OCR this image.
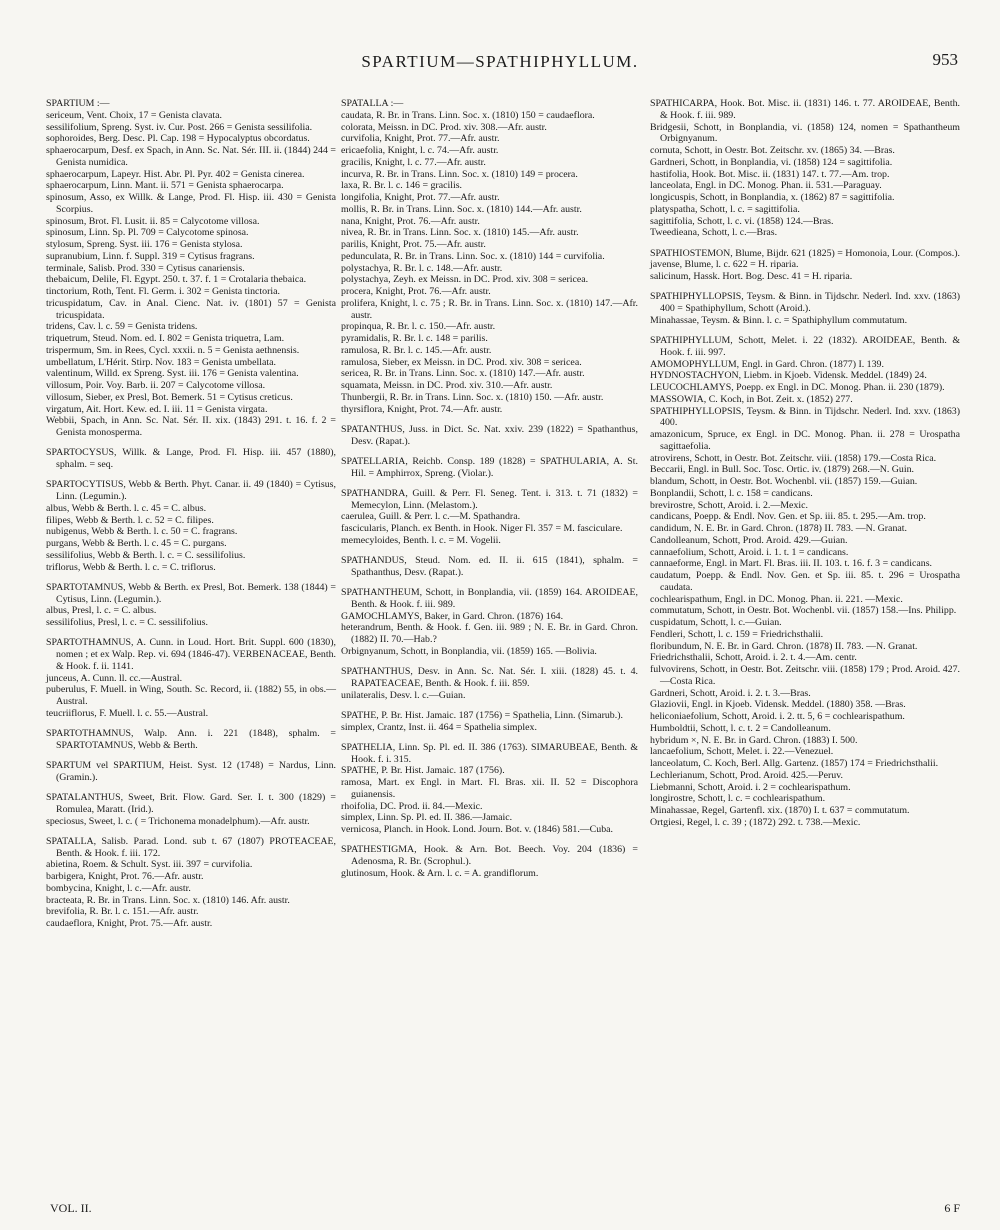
SPARTIUM—SPATHIPHYLLUM.	953

SPARTIUM :—

sericeum, Vent. Choix, 17 = Genista clavata.

sessilifolium, Spreng. Syst. iv. Cur. Post. 266 = Genista sessilifolia.

sophoroides, Berg. Desc. Pl. Cap. 198 = Hypocalyptus obcordatus.

sphaerocarpum, Desf. ex Spach, in Ann. Sc. Nat. Sér. III. ii. (1844) 244 = Genista numidica.

sphaerocarpum, Lapeyr. Hist. Abr. Pl. Pyr. 402 = Genista cinerea.

sphaerocarpum, Linn. Mant. ii. 571 = Genista sphaerocarpa.

spinosum, Asso, ex Willk. & Lange, Prod. Fl. Hisp. iii. 430 = Genista Scorpius.

spinosum, Brot. Fl. Lusit. ii. 85 = Calycotome villosa.

spinosum, Linn. Sp. Pl. 709 = Calycotome spinosa.

stylosum, Spreng. Syst. iii. 176 = Genista stylosa.

supranubium, Linn. f. Suppl. 319 = Cytisus fragrans.

terminale, Salisb. Prod. 330 = Cytisus canariensis.

thebaicum, Delile, Fl. Egypt. 250. t. 37. f. 1 = Crotalaria thebaica.

tinctorium, Roth, Tent. Fl. Germ. i. 302 = Genista tinctoria.

tricuspidatum, Cav. in Anal. Cienc. Nat. iv. (1801) 57 = Genista tricuspidata.

tridens, Cav. l. c. 59 = Genista tridens.

triquetrum, Steud. Nom. ed. I. 802 = Genista triquetra, Lam.

trispermum, Sm. in Rees, Cycl. xxxii. n. 5 = Genista aethnensis.

umbellatum, L'Hérit. Stirp. Nov. 183 = Genista umbellata.

valentinum, Willd. ex Spreng. Syst. iii. 176 = Genista valentina.

villosum, Poir. Voy. Barb. ii. 207 = Calycotome villosa.

villosum, Sieber, ex Presl, Bot. Bemerk. 51 = Cytisus creticus.

virgatum, Ait. Hort. Kew. ed. I. iii. 11 = Genista virgata.

Webbii, Spach, in Ann. Sc. Nat. Sér. II. xix. (1843) 291. t. 16. f. 2 = Genista monosperma.

SPARTOCYSUS, Willk. & Lange, Prod. Fl. Hisp. iii. 457 (1880), sphalm. = seq.

SPARTOCYTISUS, Webb & Berth. Phyt. Canar. ii. 49 (1840) = Cytisus, Linn. (Legumin.).

albus, Webb & Berth. l. c. 45 = C. albus.

filipes, Webb & Berth. l. c. 52 = C. filipes.

nubigenus, Webb & Berth. l. c. 50 = C. fragrans.

purgans, Webb & Berth. l. c. 45 = C. purgans.

sessilifolius, Webb & Berth. l. c. = C. sessilifolius.

triflorus, Webb & Berth. l. c. = C. triflorus.

SPARTOTAMNUS, Webb & Berth. ex Presl, Bot. Bemerk. 138 (1844) = Cytisus, Linn. (Legumin.).

albus, Presl, l. c. = C. albus.

sessilifolius, Presl, l. c. = C. sessilifolius.

SPARTOTHAMNUS, A. Cunn. in Loud. Hort. Brit. Suppl. 600 (1830), nomen ; et ex Walp. Rep. vi. 694 (1846-47). VERBENACEAE, Benth. & Hook. f. ii. 1141.

junceus, A. Cunn. ll. cc.—Austral.

puberulus, F. Muell. in Wing, South. Sc. Record, ii. (1882) 55, in obs.—Austral.

teucriiflorus, F. Muell. l. c. 55.—Austral.

SPARTOTHAMNUS, Walp. Ann. i. 221 (1848), sphalm. = SPARTOTAMNUS, Webb & Berth.

SPARTUM vel SPARTIUM, Heist. Syst. 12 (1748) = Nardus, Linn. (Gramin.).

SPATALANTHUS, Sweet, Brit. Flow. Gard. Ser. I. t. 300 (1829) = Romulea, Maratt. (Irid.).

speciosus, Sweet, l. c. ( = Trichonema monadelphum).—Afr. austr.

SPATALLA, Salisb. Parad. Lond. sub t. 67 (1807) PROTEACEAE, Benth. & Hook. f. iii. 172.

abietina, Roem. & Schult. Syst. iii. 397 = curvifolia.

barbigera, Knight, Prot. 76.—Afr. austr.

bombycina, Knight, l. c.—Afr. austr.

bracteata, R. Br. in Trans. Linn. Soc. x. (1810) 146. Afr. austr.

brevifolia, R. Br. l. c. 151.—Afr. austr.

caudaeflora, Knight, Prot. 75.—Afr. austr.

SPATALLA :—

caudata, R. Br. in Trans. Linn. Soc. x. (1810) 150 = caudaeflora.

colorata, Meissn. in DC. Prod. xiv. 308.—Afr. austr.

curvifolia, Knight, Prot. 77.—Afr. austr.

ericaefolia, Knight, l. c. 74.—Afr. austr.

gracilis, Knight, l. c. 77.—Afr. austr.

incurva, R. Br. in Trans. Linn. Soc. x. (1810) 149 = procera.

laxa, R. Br. l. c. 146 = gracilis.

longifolia, Knight, Prot. 77.—Afr. austr.

mollis, R. Br. in Trans. Linn. Soc. x. (1810) 144.—Afr. austr.

nana, Knight, Prot. 76.—Afr. austr.

nivea, R. Br. in Trans. Linn. Soc. x. (1810) 145.—Afr. austr.

parilis, Knight, Prot. 75.—Afr. austr.

pedunculata, R. Br. in Trans. Linn. Soc. x. (1810) 144 = curvifolia.

polystachya, R. Br. l. c. 148.—Afr. austr.

polystachya, Zeyh. ex Meissn. in DC. Prod. xiv. 308 = sericea.

procera, Knight, Prot. 76.—Afr. austr.

prolifera, Knight, l. c. 75 ; R. Br. in Trans. Linn. Soc. x. (1810) 147.—Afr. austr.

propinqua, R. Br. l. c. 150.—Afr. austr.

pyramidalis, R. Br. l. c. 148 = parilis.

ramulosa, R. Br. l. c. 145.—Afr. austr.

ramulosa, Sieber, ex Meissn. in DC. Prod. xiv. 308 = sericea.

sericea, R. Br. in Trans. Linn. Soc. x. (1810) 147.—Afr. austr.

squamata, Meissn. in DC. Prod. xiv. 310.—Afr. austr.

Thunbergii, R. Br. in Trans. Linn. Soc. x. (1810) 150. —Afr. austr.

thyrsiflora, Knight, Prot. 74.—Afr. austr.

SPATANTHUS, Juss. in Dict. Sc. Nat. xxiv. 239 (1822) = Spathanthus, Desv. (Rapat.).

SPATELLARIA, Reichb. Consp. 189 (1828) = SPATHULARIA, A. St. Hil. = Amphirrox, Spreng. (Violar.).

SPATHANDRA, Guill. & Perr. Fl. Seneg. Tent. i. 313. t. 71 (1832) = Memecylon, Linn. (Melastom.).

caerulea, Guill. & Perr. l. c.—M. Spathandra.

fascicularis, Planch. ex Benth. in Hook. Niger Fl. 357 = M. fasciculare.

memecyloides, Benth. l. c. = M. Vogelii.

SPATHANDUS, Steud. Nom. ed. II. ii. 615 (1841), sphalm. = Spathanthus, Desv. (Rapat.).

SPATHANTHEUM, Schott, in Bonplandia, vii. (1859) 164. AROIDEAE, Benth. & Hook. f. iii. 989.

GAMOCHLAMYS, Baker, in Gard. Chron. (1876) 164.

heterandrum, Benth. & Hook. f. Gen. iii. 989 ; N. E. Br. in Gard. Chron. (1882) II. 70.—Hab.?

Orbignyanum, Schott, in Bonplandia, vii. (1859) 165. —Bolivia.

SPATHANTHUS, Desv. in Ann. Sc. Nat. Sér. I. xiii. (1828) 45. t. 4. RAPATEACEAE, Benth. & Hook. f. iii. 859.

unilateralis, Desv. l. c.—Guian.

SPATHE, P. Br. Hist. Jamaic. 187 (1756) = Spathelia, Linn. (Simarub.).

simplex, Crantz, Inst. ii. 464 = Spathelia simplex.

SPATHELIA, Linn. Sp. Pl. ed. II. 386 (1763). SIMARUBEAE, Benth. & Hook. f. i. 315.

SPATHE, P. Br. Hist. Jamaic. 187 (1756).

ramosa, Mart. ex Engl. in Mart. Fl. Bras. xii. II. 52 = Discophora guianensis.

rhoifolia, DC. Prod. ii. 84.—Mexic.

simplex, Linn. Sp. Pl. ed. II. 386.—Jamaic.

vernicosa, Planch. in Hook. Lond. Journ. Bot. v. (1846) 581.—Cuba.

SPATHESTIGMA, Hook. & Arn. Bot. Beech. Voy. 204 (1836) = Adenosma, R. Br. (Scrophul.).

glutinosum, Hook. & Arn. l. c. = A. grandiflorum.

SPATHICARPA, Hook. Bot. Misc. ii. (1831) 146. t. 77. AROIDEAE, Benth. & Hook. f. iii. 989.

Bridgesii, Schott, in Bonplandia, vi. (1858) 124, nomen = Spathantheum Orbignyanum.

cornuta, Schott, in Oestr. Bot. Zeitschr. xv. (1865) 34. —Bras.

Gardneri, Schott, in Bonplandia, vi. (1858) 124 = sagittifolia.

hastifolia, Hook. Bot. Misc. ii. (1831) 147. t. 77.—Am. trop.

lanceolata, Engl. in DC. Monog. Phan. ii. 531.—Paraguay.

longicuspis, Schott, in Bonplandia, x. (1862) 87 = sagittifolia.

platyspatha, Schott, l. c. = sagittifolia.

sagittifolia, Schott, l. c. vi. (1858) 124.—Bras.

Tweedieana, Schott, l. c.—Bras.

SPATHIOSTEMON, Blume, Bijdr. 621 (1825) = Homonoia, Lour. (Compos.).

javense, Blume, l. c. 622 = H. riparia.

salicinum, Hassk. Hort. Bog. Desc. 41 = H. riparia.

SPATHIPHYLLOPSIS, Teysm. & Binn. in Tijdschr. Nederl. Ind. xxv. (1863) 400 = Spathiphyllum, Schott (Aroid.).

Minahassae, Teysm. & Binn. l. c. = Spathiphyllum commutatum.

SPATHIPHYLLUM, Schott, Melet. i. 22 (1832). AROIDEAE, Benth. & Hook. f. iii. 997.

AMOMOPHYLLUM, Engl. in Gard. Chron. (1877) I. 139.

HYDNOSTACHYON, Liebm. in Kjoeb. Vidensk. Meddel. (1849) 24.

LEUCOCHLAMYS, Poepp. ex Engl. in DC. Monog. Phan. ii. 230 (1879).

MASSOWIA, C. Koch, in Bot. Zeit. x. (1852) 277.

SPATHIPHYLLOPSIS, Teysm. & Binn. in Tijdschr. Nederl. Ind. xxv. (1863) 400.

amazonicum, Spruce, ex Engl. in DC. Monog. Phan. ii. 278 = Urospatha sagittaefolia.

atrovirens, Schott, in Oestr. Bot. Zeitschr. viii. (1858) 179.—Costa Rica.

Beccarii, Engl. in Bull. Soc. Tosc. Ortic. iv. (1879) 268.—N. Guin.

blandum, Schott, in Oestr. Bot. Wochenbl. vii. (1857) 159.—Guian.

Bonplandii, Schott, l. c. 158 = candicans.

brevirostre, Schott, Aroid. i. 2.—Mexic.

candicans, Poepp. & Endl. Nov. Gen. et Sp. iii. 85. t. 295.—Am. trop.

candidum, N. E. Br. in Gard. Chron. (1878) II. 783. —N. Granat.

Candolleanum, Schott, Prod. Aroid. 429.—Guian.

cannaefolium, Schott, Aroid. i. 1. t. 1 = candicans.

cannaeforme, Engl. in Mart. Fl. Bras. iii. II. 103. t. 16. f. 3 = candicans.

caudatum, Poepp. & Endl. Nov. Gen. et Sp. iii. 85. t. 296 = Urospatha caudata.

cochlearispathum, Engl. in DC. Monog. Phan. ii. 221. —Mexic.

commutatum, Schott, in Oestr. Bot. Wochenbl. vii. (1857) 158.—Ins. Philipp.

cuspidatum, Schott, l. c.—Guian.

Fendleri, Schott, l. c. 159 = Friedrichsthalii.

floribundum, N. E. Br. in Gard. Chron. (1878) II. 783. —N. Granat.

Friedrichsthalii, Schott, Aroid. i. 2. t. 4.—Am. centr.

fulvovirens, Schott, in Oestr. Bot. Zeitschr. viii. (1858) 179 ; Prod. Aroid. 427.—Costa Rica.

Gardneri, Schott, Aroid. i. 2. t. 3.—Bras.

Glaziovii, Engl. in Kjoeb. Vidensk. Meddel. (1880) 358. —Bras.

heliconiaefolium, Schott, Aroid. i. 2. tt. 5, 6 = cochlearispathum.

Humboldtii, Schott, l. c. t. 2 = Candolleanum.

hybridum ×, N. E. Br. in Gard. Chron. (1883) I. 500.

lancaefolium, Schott, Melet. i. 22.—Venezuel.

lanceolatum, C. Koch, Berl. Allg. Gartenz. (1857) 174 = Friedrichsthalii.

Lechlerianum, Schott, Prod. Aroid. 425.—Peruv.

Liebmanni, Schott, Aroid. i. 2 = cochlearispathum.

longirostre, Schott, l. c. = cochlearispathum.

Minahassae, Regel, Gartenfl. xix. (1870) I. t. 637 = commutatum.

Ortgiesi, Regel, l. c. 39 ; (1872) 292. t. 738.—Mexic.

VOL. II.	6 F
